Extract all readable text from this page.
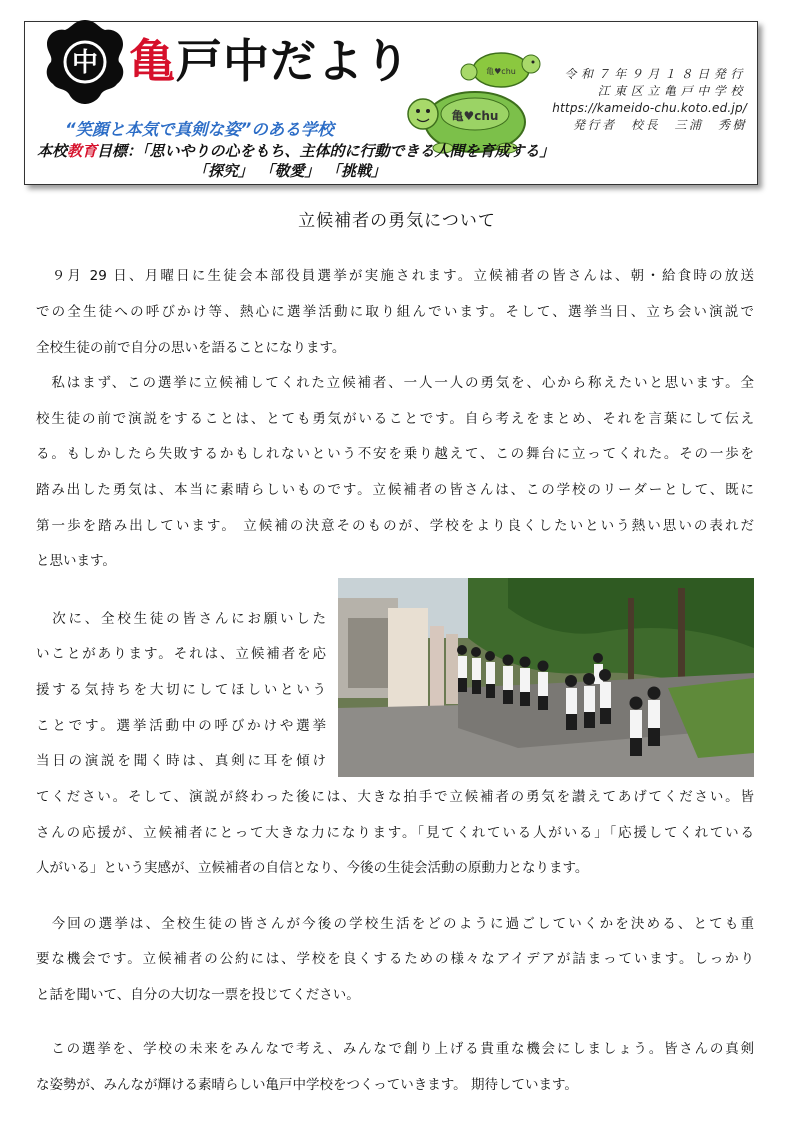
中 亀戸中だより	亀♥chu
亀♥chu
令和７年９月１８日発行
江東区立亀戸中学校
https://kameido-chu.koto.ed.jp/
発行者　校長　三浦　秀樹
“笑顔と本気で真剣な姿”のある学校
本校教育目標：「思いやりの心をもち、主体的に行動できる人間を育成する」
「探究」 「敬愛」 「挑戦」
立候補者の勇気について
　９月 29 日、月曜日に生徒会本部役員選挙が実施されます。立候補者の皆さんは、朝・給食時の放送
での全生徒への呼びかけ等、熱心に選挙活動に取り組んでいます。そして、選挙当日、立ち会い演説で
全校生徒の前で自分の思いを語ることになります。
　私はまず、この選挙に立候補してくれた立候補者、一人一人の勇気を、心から称えたいと思います。全
校生徒の前で演説をすることは、とても勇気がいることです。自ら考えをまとめ、それを言葉にして伝え
る。もしかしたら失敗するかもしれないという不安を乗り越えて、この舞台に立ってくれた。その一歩を
踏み出した勇気は、本当に素晴らしいものです。立候補者の皆さんは、この学校のリーダーとして、既に
第一歩を踏み出しています。 立候補の決意そのものが、学校をより良くしたいという熱い思いの表れだ
と思います。
　次に、全校生徒の皆さんにお願いした
いことがあります。それは、立候補者を応
援する気持ちを大切にしてほしいという
ことです。選挙活動中の呼びかけや選挙
当日の演説を聞く時は、真剣に耳を傾け
てください。そして、演説が終わった後には、大きな拍手で立候補者の勇気を讃えてあげてください。皆
さんの応援が、立候補者にとって大きな力になります。「見てくれている人がいる」「応援してくれている
人がいる」という実感が、立候補者の自信となり、今後の生徒会活動の原動力となります。
　今回の選挙は、全校生徒の皆さんが今後の学校生活をどのように過ごしていくかを決める、とても重
要な機会です。立候補者の公約には、学校を良くするための様々なアイデアが詰まっています。しっかり
と話を聞いて、自分の大切な一票を投じてください。
　この選挙を、学校の未来をみんなで考え、みんなで創り上げる貴重な機会にしましょう。皆さんの真剣
な姿勢が、みんなが輝ける素晴らしい亀戸中学校をつくっていきます。 期待しています。
